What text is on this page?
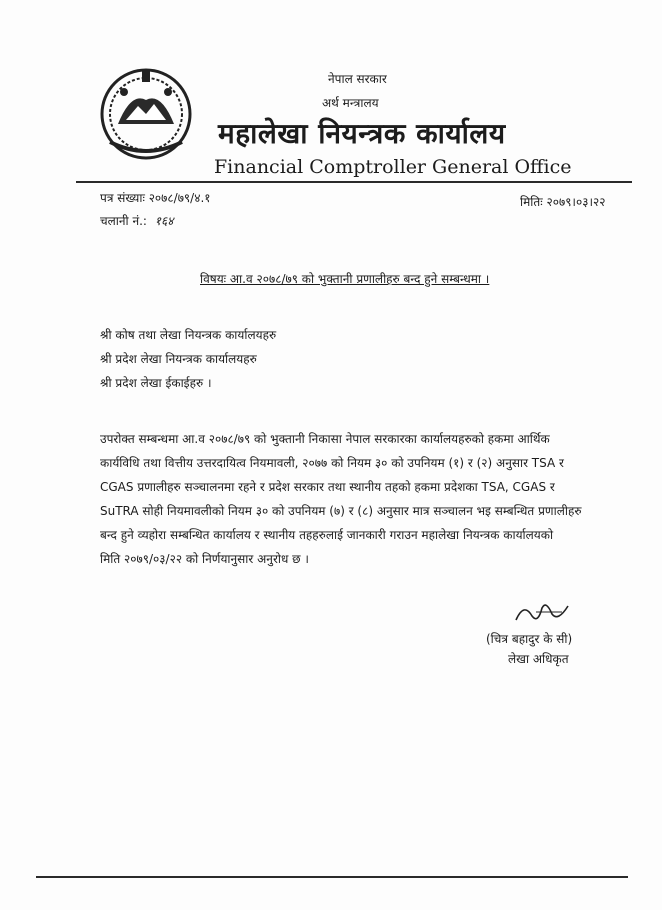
नेपाल सरकार
अर्थ मन्त्रालय
महालेखा नियन्त्रक कार्यालय
Financial Comptroller General Office
पत्र संख्याः २०७८/७९/४.१	मितिः २०७९।०३।२२
चलानी नं.: १६४
विषयः आ.व २०७८/७९ को भुक्तानी प्रणालीहरु बन्द हुने सम्बन्धमा ।
श्री कोष तथा लेखा नियन्त्रक कार्यालयहरु
श्री प्रदेश लेखा नियन्त्रक कार्यालयहरु
श्री प्रदेश लेखा ईकाईहरु ।
उपरोक्त सम्बन्धमा आ.व २०७८/७९ को भुक्तानी निकासा नेपाल सरकारका कार्यालयहरुको हकमा आर्थिक
कार्यविधि तथा वित्तीय उत्तरदायित्व नियमावली, २०७७ को नियम ३० को उपनियम (१) र (२) अनुसार TSA र
CGAS प्रणालीहरु सञ्चालनमा रहने र प्रदेश सरकार तथा स्थानीय तहको हकमा प्रदेशका TSA, CGAS र
SuTRA सोही नियमावलीको नियम ३० को उपनियम (७) र (८) अनुसार मात्र सञ्चालन भइ सम्बन्धित प्रणालीहरु
बन्द हुने व्यहोरा सम्बन्धित कार्यालय र स्थानीय तहहरुलाई जानकारी गराउन महालेखा नियन्त्रक कार्यालयको
मिति २०७९/०३/२२ को निर्णयानुसार अनुरोध छ ।
(चित्र बहादुर के सी)
लेखा अधिकृत
